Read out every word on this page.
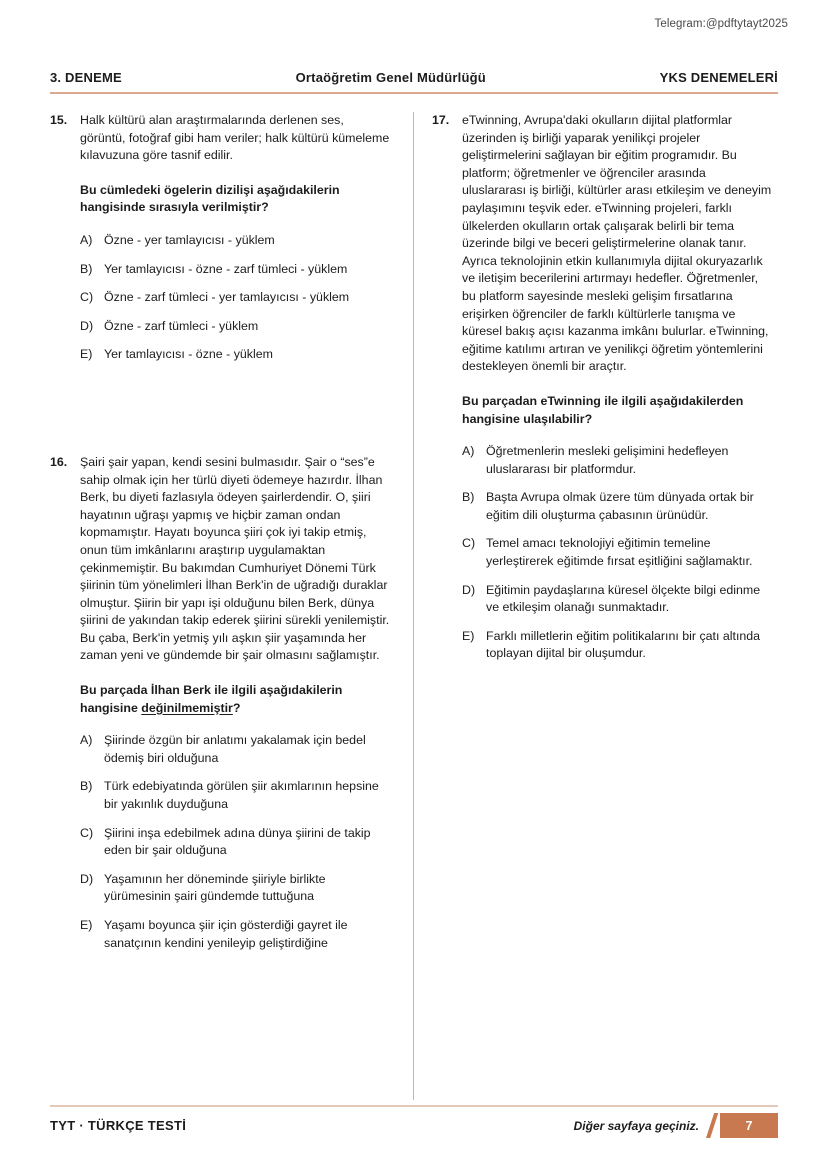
Telegram:@pdftytayt2025
3. DENEME	Ortaöğretim Genel Müdürlüğü	YKS DENEMELERİ
15. Halk kültürü alan araştırmalarında derlenen ses, görüntü, fotoğraf gibi ham veriler; halk kültürü kümeleme kılavuzuna göre tasnif edilir.

Bu cümledeki ögelerin dizilişi aşağıdakilerin hangisinde sırasıyla verilmiştir?

A) Özne - yer tamlayıcısı - yüklem
B) Yer tamlayıcısı - özne - zarf tümleci - yüklem
C) Özne - zarf tümleci - yer tamlayıcısı - yüklem
D) Özne - zarf tümleci - yüklem
E) Yer tamlayıcısı - özne - yüklem
16. Şairi şair yapan, kendi sesini bulmasıdır. Şair o “ses”e sahip olmak için her türlü diyeti ödemeye hazırdır. İlhan Berk, bu diyeti fazlasıyla ödeyen şairlerdendir. O, şiiri hayatının uğraşı yapmış ve hiçbir zaman ondan kopmamıştır. Hayatı boyunca şiiri çok iyi takip etmiş, onun tüm imkânlarını araştırıp uygulamaktan çekinmemiştir. Bu bakımdan Cumhuriyet Dönemi Türk şiirinin tüm yönelimleri İlhan Berk'in de uğradığı duraklar olmuştur. Şiirin bir yapı işi olduğunu bilen Berk, dünya şiirini de yakından takip ederek şiirini sürekli yenilemiştir. Bu çaba, Berk'in yetmiş yılı aşkın şiir yaşamında her zaman yeni ve gündemde bir şair olmasını sağlamıştır.

Bu parçada İlhan Berk ile ilgili aşağıdakilerin hangisine değinilmemiştir?

A) Şiirinde özgün bir anlatımı yakalamak için bedel ödemiş biri olduğuna
B) Türk edebiyatında görülen şiir akımlarının hepsine bir yakınlık duyduğuna
C) Şiirini inşa edebilmek adına dünya şiirini de takip eden bir şair olduğuna
D) Yaşamının her döneminde şiiriyle birlikte yürümesinin şairi gündemde tuttuğuna
E) Yaşamı boyunca şiir için gösterdiği gayret ile sanatçının kendini yenileyip geliştirdiğine
17. eTwinning, Avrupa'daki okulların dijital platformlar üzerinden iş birliği yaparak yenilikçi projeler geliştirmelerini sağlayan bir eğitim programıdır. Bu platform; öğretmenler ve öğrenciler arasında uluslararası iş birliği, kültürler arası etkileşim ve deneyim paylaşımını teşvik eder. eTwinning projeleri, farklı ülkelerden okulların ortak çalışarak belirli bir tema üzerinde bilgi ve beceri geliştirmelerine olanak tanır. Ayrıca teknolojinin etkin kullanımıyla dijital okuryazarlık ve iletişim becerilerini artırmayı hedefler. Öğretmenler, bu platform sayesinde mesleki gelişim fırsatlarına erişirken öğrenciler de farklı kültürlerle tanışma ve küresel bakış açısı kazanma imkânı bulurlar. eTwinning, eğitime katılımı artıran ve yenilikçi öğretim yöntemlerini destekleyen önemli bir araçtır.

Bu parçadan eTwinning ile ilgili aşağıdakilerden hangisine ulaşılabilir?

A) Öğretmenlerin mesleki gelişimini hedefleyen uluslararası bir platformdur.
B) Başta Avrupa olmak üzere tüm dünyada ortak bir eğitim dili oluşturma çabasının ürünüdür.
C) Temel amacı teknolojiyi eğitimin temeline yerleştirerek eğitimde fırsat eşitliğini sağlamaktır.
D) Eğitimin paydaşlarına küresel ölçekte bilgi edinme ve etkileşim olanağı sunmaktadır.
E) Farklı milletlerin eğitim politikalarını bir çatı altında toplayan dijital bir oluşumdur.
TYT · TÜRKÇE TESTİ	Diğer sayfaya geçiniz.	7
